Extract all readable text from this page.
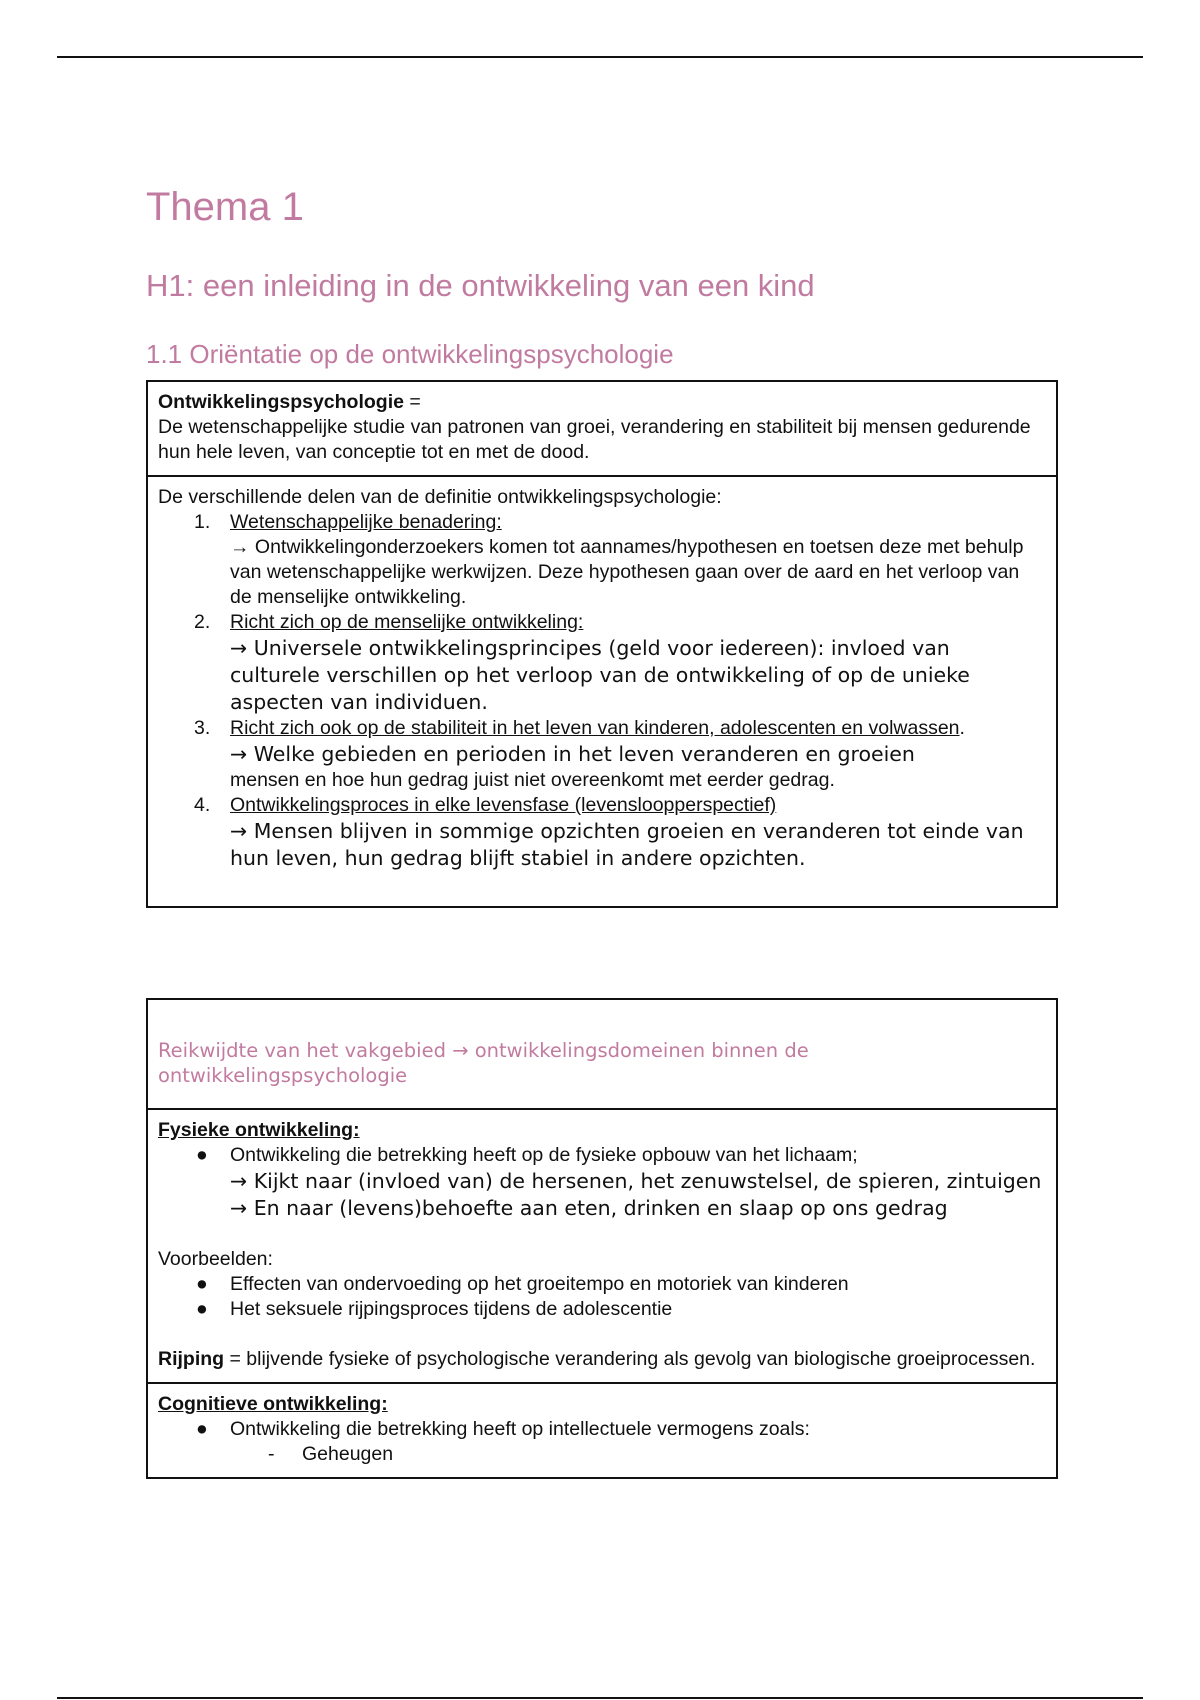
Thema 1
H1: een inleiding in de ontwikkeling van een kind
1.1 Oriëntatie op de ontwikkelingspsychologie
Ontwikkelingspsychologie =
De wetenschappelijke studie van patronen van groei, verandering en stabiliteit bij mensen gedurende hun hele leven, van conceptie tot en met de dood.

De verschillende delen van de definitie ontwikkelingspsychologie:
1. Wetenschappelijke benadering:
→ Ontwikkelingonderzoekers komen tot aannames/hypothesen en toetsen deze met behulp van wetenschappelijke werkwijzen. Deze hypothesen gaan over de aard en het verloop van de menselijke ontwikkeling.
2. Richt zich op de menselijke ontwikkeling:
→ Universele ontwikkelingsprincipes (geld voor iedereen): invloed van culturele verschillen op het verloop van de ontwikkeling of op de unieke aspecten van individuen.
3. Richt zich ook op de stabiliteit in het leven van kinderen, adolescenten en volwassen.
→ Welke gebieden en perioden in het leven veranderen en groeien
mensen en hoe hun gedrag juist niet overeenkomt met eerder gedrag.
4. Ontwikkelingsproces in elke levensfase (levensloopperspectief)
→ Mensen blijven in sommige opzichten groeien en veranderen tot einde van hun leven, hun gedrag blijft stabiel in andere opzichten.
Reikwijdte van het vakgebied → ontwikkelingsdomeinen binnen de ontwikkelingspsychologie

Fysieke ontwikkeling:
● Ontwikkeling die betrekking heeft op de fysieke opbouw van het lichaam;
→ Kijkt naar (invloed van) de hersenen, het zenuwstelsel, de spieren, zintuigen
→ En naar (levens)behoefte aan eten, drinken en slaap op ons gedrag
Voorbeelden:
● Effecten van ondervoeding op het groeitempo en motoriek van kinderen
● Het seksuele rijpingsproces tijdens de adolescentie
Rijping = blijvende fysieke of psychologische verandering als gevolg van biologische groeiprocessen.

Cognitieve ontwikkeling:
● Ontwikkeling die betrekking heeft op intellectuele vermogens zoals:
- Geheugen
